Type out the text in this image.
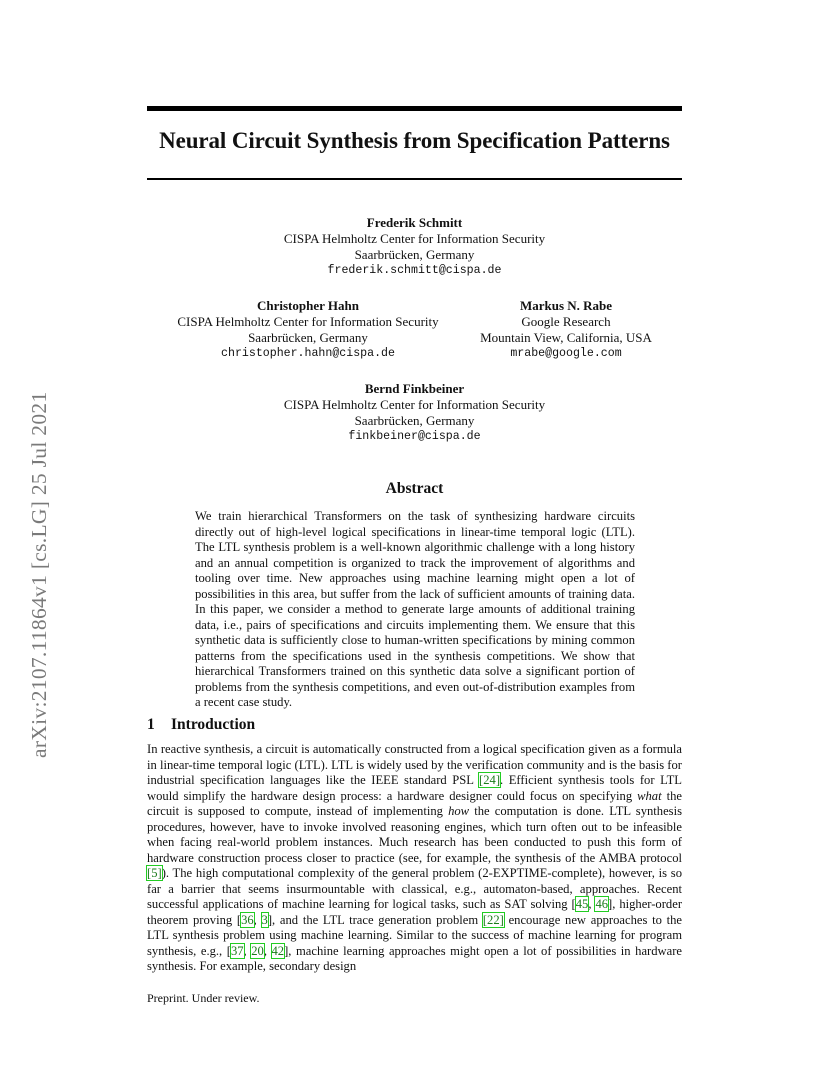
arXiv:2107.11864v1 [cs.LG] 25 Jul 2021
Neural Circuit Synthesis from Specification Patterns
Frederik Schmitt
CISPA Helmholtz Center for Information Security
Saarbrücken, Germany
frederik.schmitt@cispa.de
Christopher Hahn
CISPA Helmholtz Center for Information Security
Saarbrücken, Germany
christopher.hahn@cispa.de
Markus N. Rabe
Google Research
Mountain View, California, USA
mrabe@google.com
Bernd Finkbeiner
CISPA Helmholtz Center for Information Security
Saarbrücken, Germany
finkbeiner@cispa.de
Abstract

We train hierarchical Transformers on the task of synthesizing hardware circuits directly out of high-level logical specifications in linear-time temporal logic (LTL). The LTL synthesis problem is a well-known algorithmic challenge with a long history and an annual competition is organized to track the improvement of algorithms and tooling over time. New approaches using machine learning might open a lot of possibilities in this area, but suffer from the lack of sufficient amounts of training data. In this paper, we consider a method to generate large amounts of additional training data, i.e., pairs of specifications and circuits implementing them. We ensure that this synthetic data is sufficiently close to human-written specifications by mining common patterns from the specifications used in the synthesis competitions. We show that hierarchical Transformers trained on this synthetic data solve a significant portion of problems from the synthesis competitions, and even out-of-distribution examples from a recent case study.

1 Introduction

In reactive synthesis, a circuit is automatically constructed from a logical specification given as a formula in linear-time temporal logic (LTL). LTL is widely used by the verification community and is the basis for industrial specification languages like the IEEE standard PSL [24]. Efficient synthesis tools for LTL would simplify the hardware design process: a hardware designer could focus on specifying what the circuit is supposed to compute, instead of implementing how the computation is done. LTL synthesis procedures, however, have to invoke involved reasoning engines, which turn often out to be infeasible when facing real-world problem instances. Much research has been conducted to push this form of hardware construction process closer to practice (see, for example, the synthesis of the AMBA protocol [5]). The high computational complexity of the general problem (2-EXPTIME-complete), however, is so far a barrier that seems insurmountable with classical, e.g., automaton-based, approaches. Recent successful applications of machine learning for logical tasks, such as SAT solving [45, 46], higher-order theorem proving [36, 3], and the LTL trace generation problem [22] encourage new approaches to the LTL synthesis problem using machine learning. Similar to the success of machine learning for program synthesis, e.g., [37, 20, 42], machine learning approaches might open a lot of possibilities in hardware synthesis. For example, secondary design

Preprint. Under review.
